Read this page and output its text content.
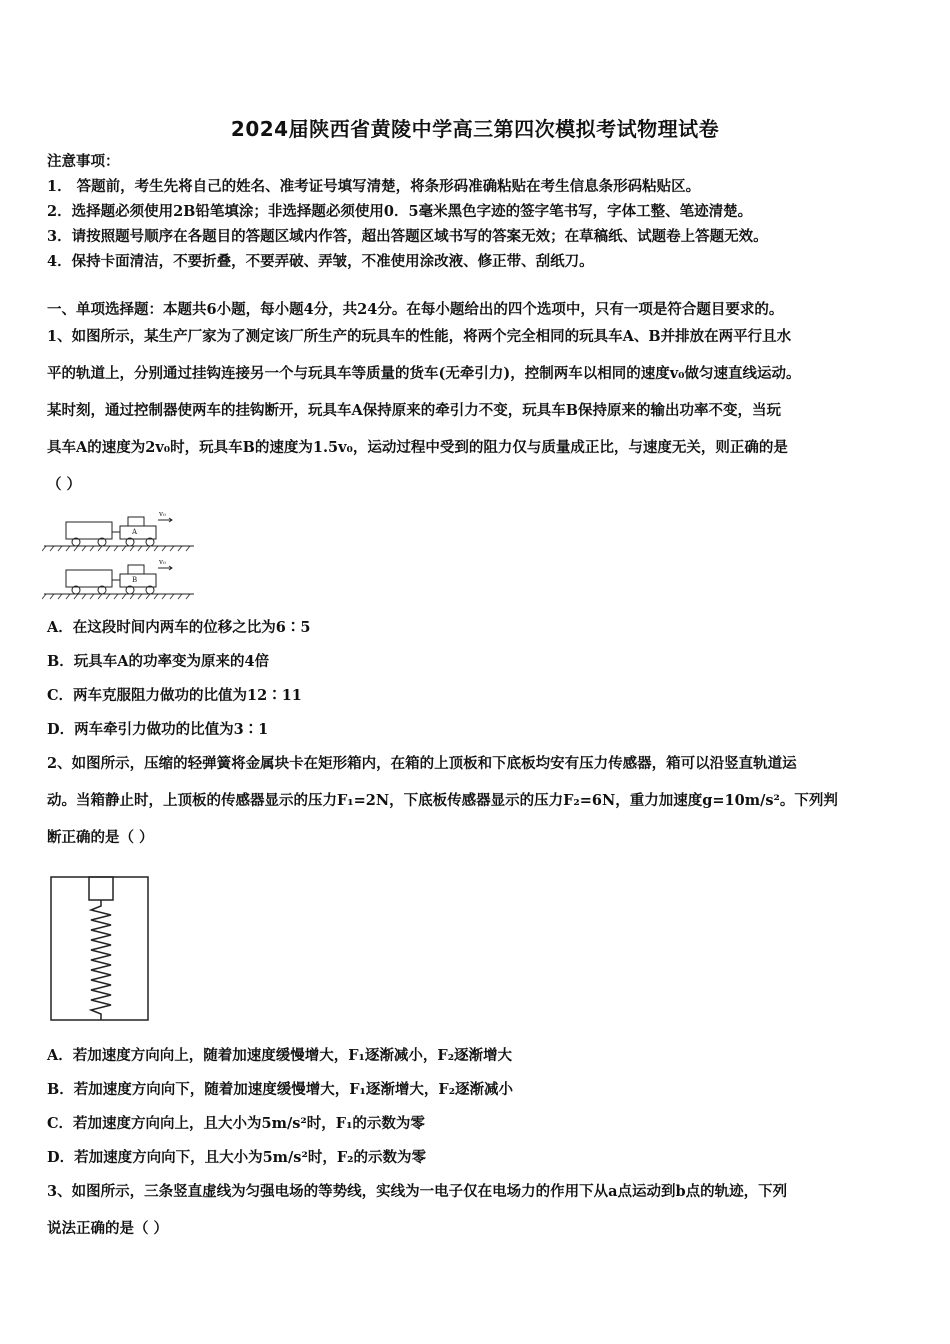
2024届陕西省黄陵中学高三第四次模拟考试物理试卷
注意事项：
1． 答题前，考生先将自己的姓名、准考证号填写清楚，将条形码准确粘贴在考生信息条形码粘贴区。
2．选择题必须使用2B铅笔填涂；非选择题必须使用0．5毫米黑色字迹的签字笔书写，字体工整、笔迹清楚。
3．请按照题号顺序在各题目的答题区域内作答，超出答题区域书写的答案无效；在草稿纸、试题卷上答题无效。
4．保持卡面清洁，不要折叠，不要弄破、弄皱，不准使用涂改液、修正带、刮纸刀。
一、单项选择题：本题共6小题，每小题4分，共24分。在每小题给出的四个选项中，只有一项是符合题目要求的。
1、如图所示，某生产厂家为了测定该厂所生产的玩具车的性能，将两个完全相同的玩具车A、B并排放在两平行且水
平的轨道上，分别通过挂钩连接另一个与玩具车等质量的货车(无牵引力)，控制两车以相同的速度v₀做匀速直线运动。
某时刻，通过控制器使两车的挂钩断开，玩具车A保持原来的牵引力不变，玩具车B保持原来的输出功率不变，当玩
具车A的速度为2v₀时，玩具车B的速度为1.5v₀，运动过程中受到的阻力仅与质量成正比，与速度无关，则正确的是
（ ）
v₀
A
v₀
B
A．在这段时间内两车的位移之比为6∶5
B．玩具车A的功率变为原来的4倍
C．两车克服阻力做功的比值为12∶11
D．两车牵引力做功的比值为3∶1
2、如图所示，压缩的轻弹簧将金属块卡在矩形箱内，在箱的上顶板和下底板均安有压力传感器，箱可以沿竖直轨道运
动。当箱静止时，上顶板的传感器显示的压力F₁=2N，下底板传感器显示的压力F₂=6N，重力加速度g=10m/s²。下列判
断正确的是（ ）
A．若加速度方向向上，随着加速度缓慢增大，F₁逐渐减小，F₂逐渐增大
B．若加速度方向向下，随着加速度缓慢增大，F₁逐渐增大，F₂逐渐减小
C．若加速度方向向上，且大小为5m/s²时，F₁的示数为零
D．若加速度方向向下，且大小为5m/s²时，F₂的示数为零
3、如图所示，三条竖直虚线为匀强电场的等势线，实线为一电子仅在电场力的作用下从a点运动到b点的轨迹，下列
说法正确的是（ ）
